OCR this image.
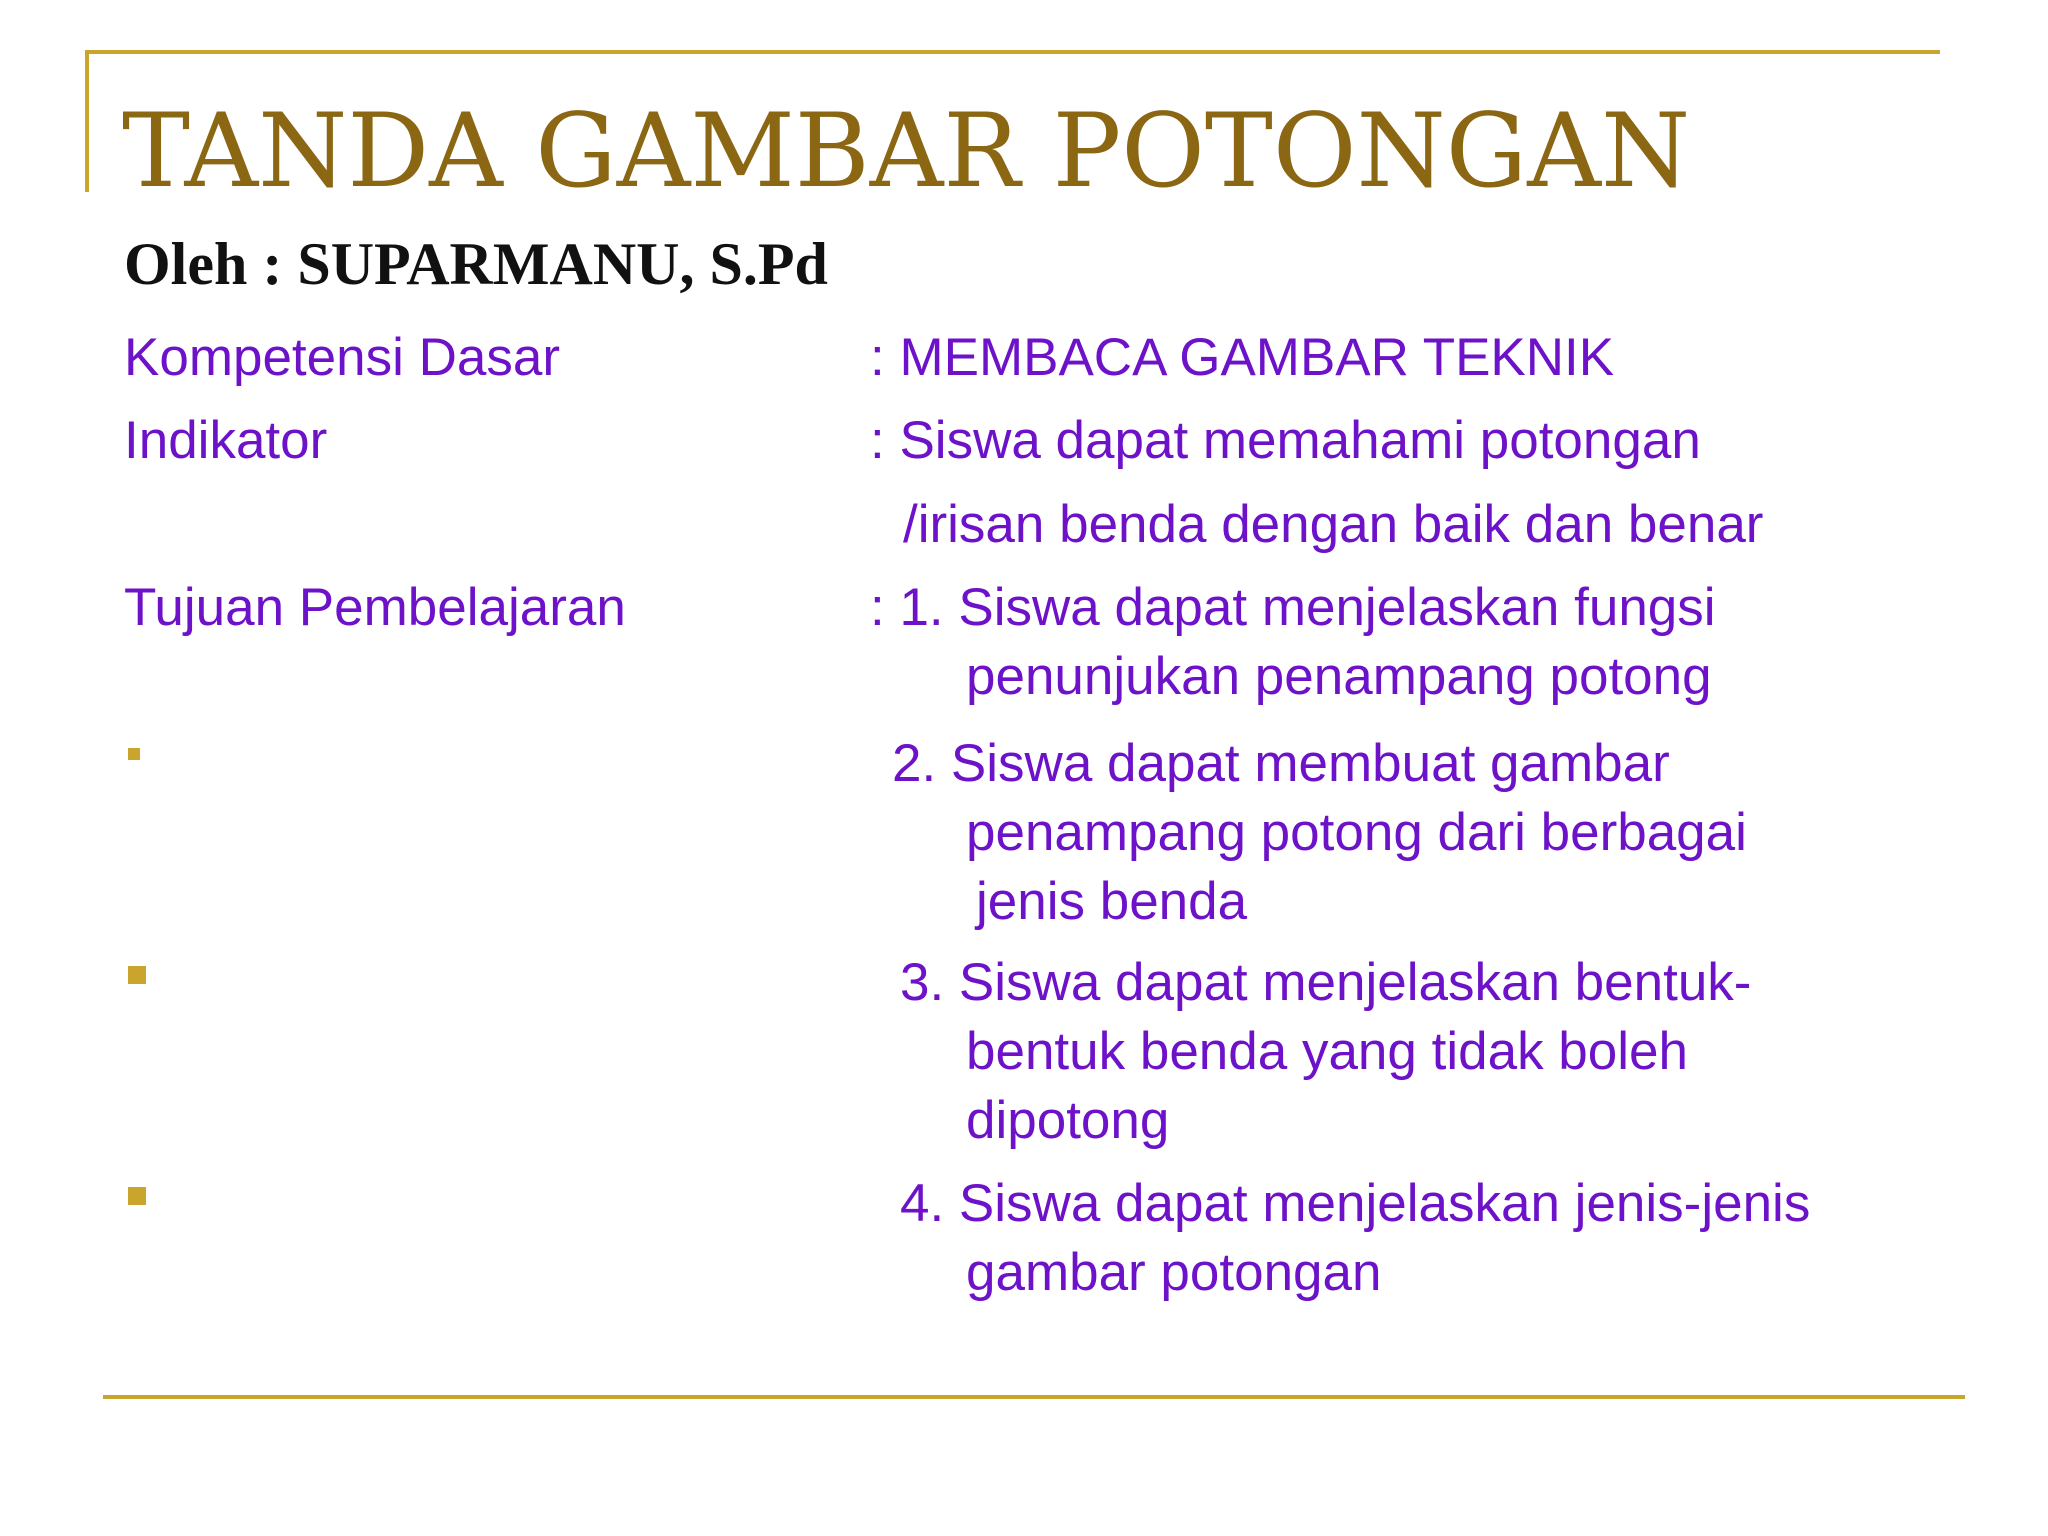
TANDA GAMBAR POTONGAN
Oleh : SUPARMANU, S.Pd
Kompetensi Dasar	: MEMBACA GAMBAR TEKNIK
Indikator	: Siswa dapat memahami potongan
/irisan benda dengan baik dan benar
Tujuan Pembelajaran	: 1. Siswa dapat menjelaskan fungsi
penunjukan penampang potong
2. Siswa dapat membuat gambar
penampang potong dari berbagai
jenis benda
3. Siswa dapat menjelaskan bentuk-
bentuk benda yang tidak boleh
dipotong
4. Siswa dapat menjelaskan jenis-jenis
gambar potongan
